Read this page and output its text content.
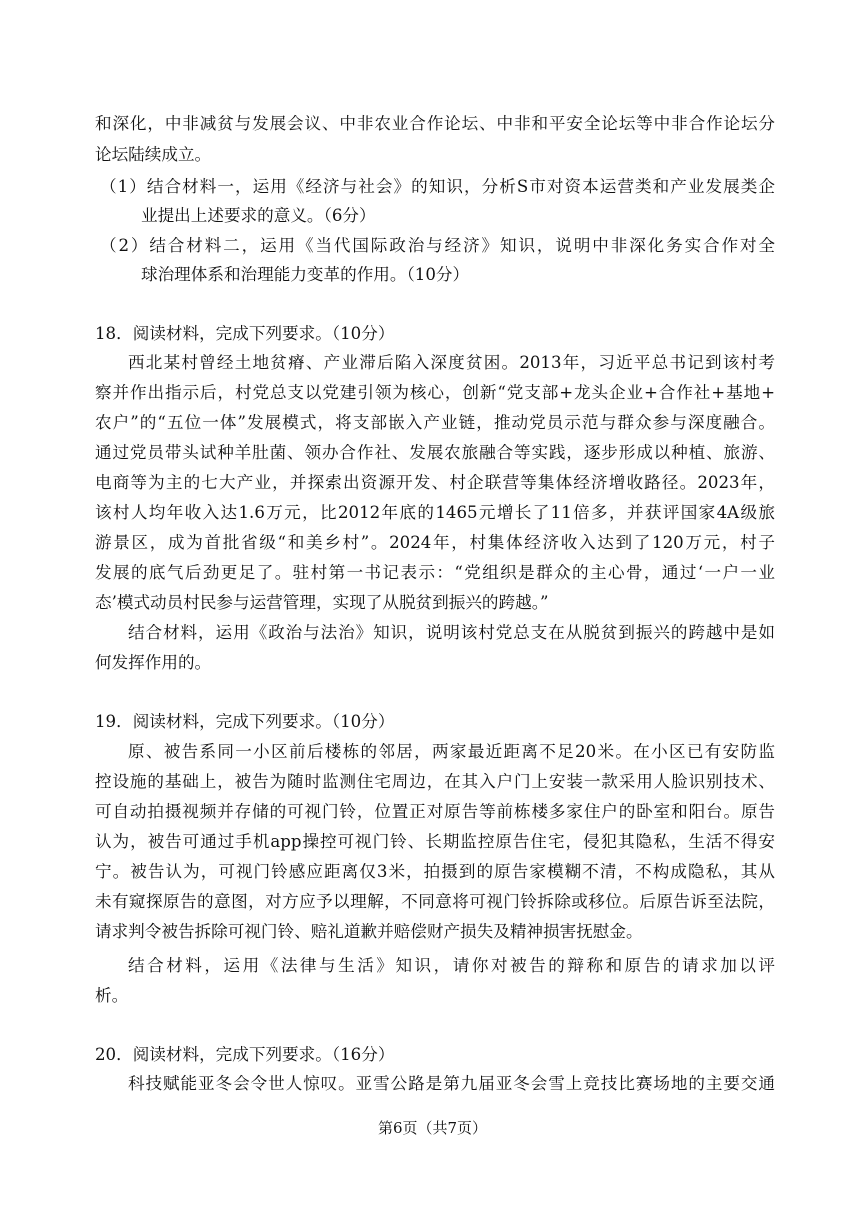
和深化，中非减贫与发展会议、中非农业合作论坛、中非和平安全论坛等中非合作论坛分
论坛陆续成立。
（1）结合材料一，运用《经济与社会》的知识，分析S市对资本运营类和产业发展类企
业提出上述要求的意义。（6分）
（2）结合材料二，运用《当代国际政治与经济》知识，说明中非深化务实合作对全
球治理体系和治理能力变革的作用。（10分）
18．阅读材料，完成下列要求。（10分）
西北某村曾经土地贫瘠、产业滞后陷入深度贫困。2013年，习近平总书记到该村考
察并作出指示后，村党总支以党建引领为核心，创新“党支部+龙头企业+合作社+基地+
农户”的“五位一体”发展模式，将支部嵌入产业链，推动党员示范与群众参与深度融合。
通过党员带头试种羊肚菌、领办合作社、发展农旅融合等实践，逐步形成以种植、旅游、
电商等为主的七大产业，并探索出资源开发、村企联营等集体经济增收路径。2023年，
该村人均年收入达1.6万元，比2012年底的1465元增长了11倍多，并获评国家4A级旅
游景区，成为首批省级“和美乡村”。2024年，村集体经济收入达到了120万元，村子
发展的底气后劲更足了。驻村第一书记表示：“党组织是群众的主心骨，通过‘一户一业
态’模式动员村民参与运营管理，实现了从脱贫到振兴的跨越。”
结合材料，运用《政治与法治》知识，说明该村党总支在从脱贫到振兴的跨越中是如
何发挥作用的。
19．阅读材料，完成下列要求。（10分）
原、被告系同一小区前后楼栋的邻居，两家最近距离不足20米。在小区已有安防监
控设施的基础上，被告为随时监测住宅周边，在其入户门上安装一款采用人脸识别技术、
可自动拍摄视频并存储的可视门铃，位置正对原告等前栋楼多家住户的卧室和阳台。原告
认为，被告可通过手机app操控可视门铃、长期监控原告住宅，侵犯其隐私，生活不得安
宁。被告认为，可视门铃感应距离仅3米，拍摄到的原告家模糊不清，不构成隐私，其从
未有窥探原告的意图，对方应予以理解，不同意将可视门铃拆除或移位。后原告诉至法院，
请求判令被告拆除可视门铃、赔礼道歉并赔偿财产损失及精神损害抚慰金。
结合材料，运用《法律与生活》知识，请你对被告的辩称和原告的请求加以评
析。
20．阅读材料，完成下列要求。（16分）
科技赋能亚冬会令世人惊叹。亚雪公路是第九届亚冬会雪上竞技比赛场地的主要交通
第6页（共7页）
